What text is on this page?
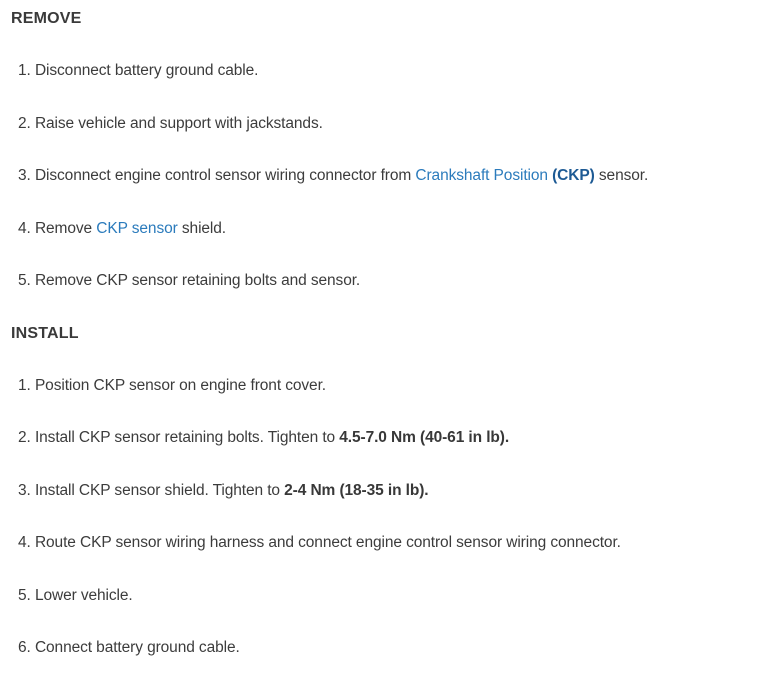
REMOVE
1. Disconnect battery ground cable.
2. Raise vehicle and support with jackstands.
3. Disconnect engine control sensor wiring connector from Crankshaft Position (CKP) sensor.
4. Remove CKP sensor shield.
5. Remove CKP sensor retaining bolts and sensor.
INSTALL
1. Position CKP sensor on engine front cover.
2. Install CKP sensor retaining bolts. Tighten to 4.5-7.0 Nm (40-61 in lb).
3. Install CKP sensor shield. Tighten to 2-4 Nm (18-35 in lb).
4. Route CKP sensor wiring harness and connect engine control sensor wiring connector.
5. Lower vehicle.
6. Connect battery ground cable.
